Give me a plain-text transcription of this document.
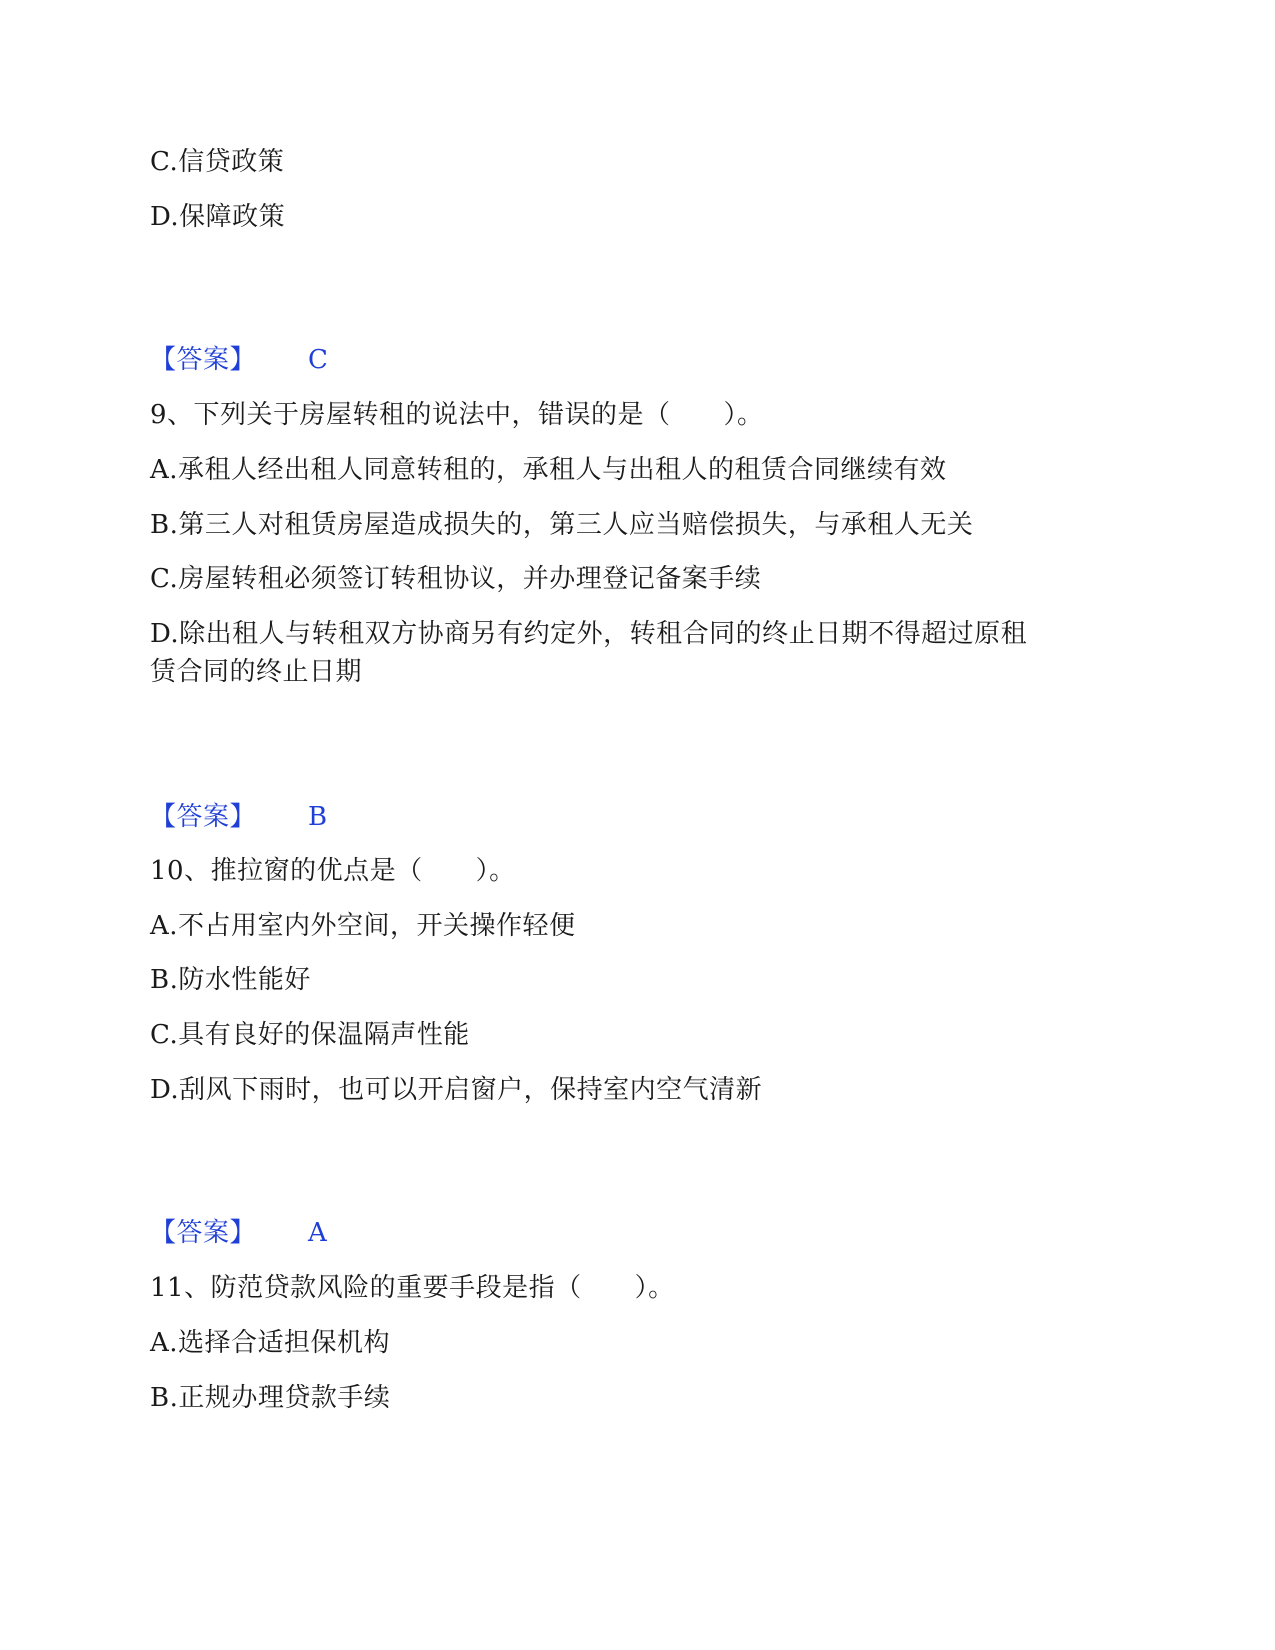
C.信贷政策
D.保障政策
【答案】 C
9、下列关于房屋转租的说法中，错误的是（　　）。
A.承租人经出租人同意转租的，承租人与出租人的租赁合同继续有效
B.第三人对租赁房屋造成损失的，第三人应当赔偿损失，与承租人无关
C.房屋转租必须签订转租协议，并办理登记备案手续
D.除出租人与转租双方协商另有约定外，转租合同的终止日期不得超过原租
赁合同的终止日期
【答案】 B
10、推拉窗的优点是（　　）。
A.不占用室内外空间，开关操作轻便
B.防水性能好
C.具有良好的保温隔声性能
D.刮风下雨时，也可以开启窗户，保持室内空气清新
【答案】 A
11、防范贷款风险的重要手段是指（　　）。
A.选择合适担保机构
B.正规办理贷款手续
